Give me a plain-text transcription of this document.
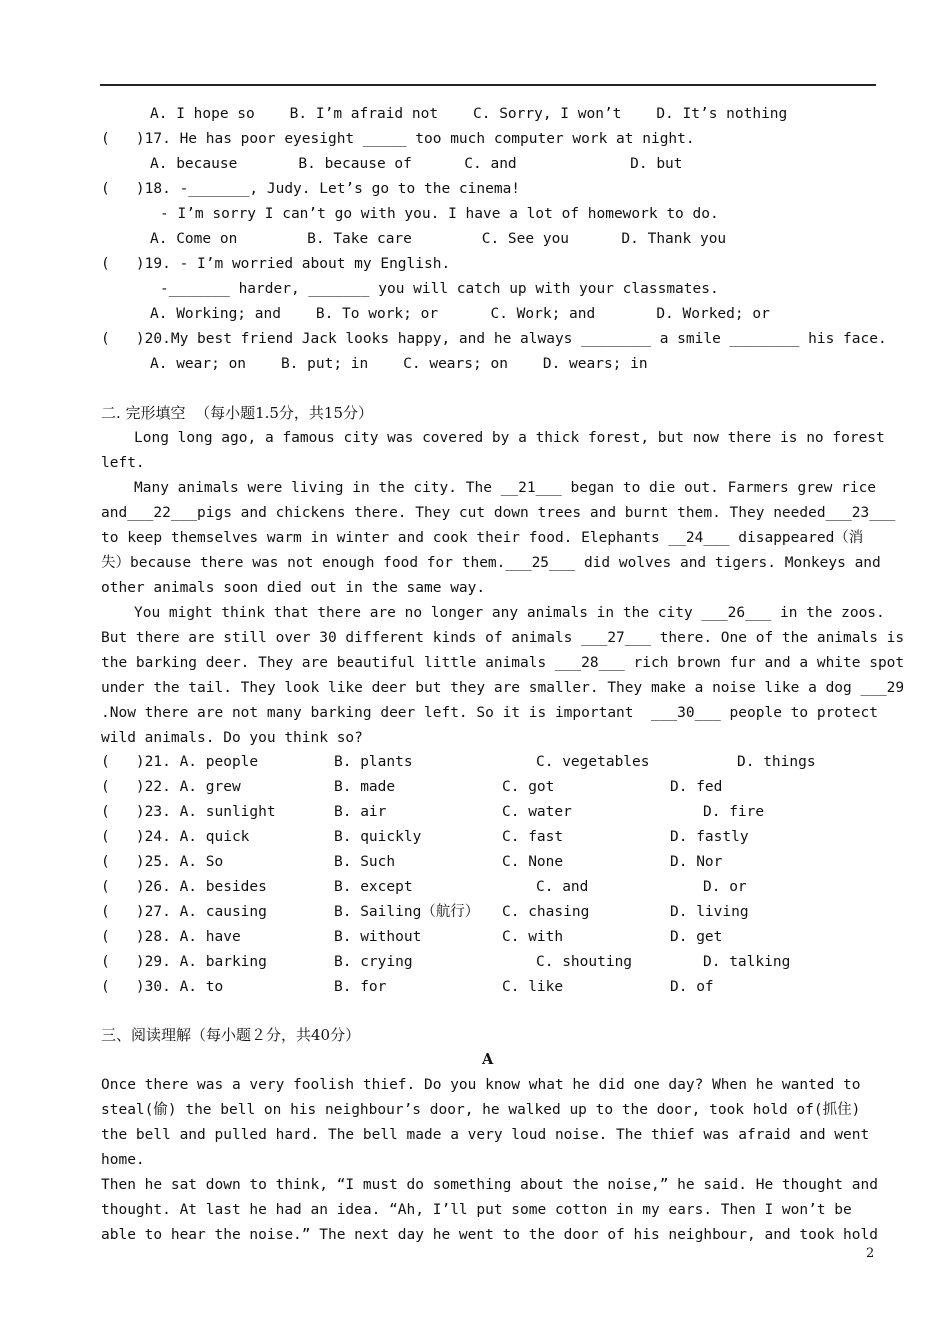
A. I hope so    B. I’m afraid not    C. Sorry, I won’t    D. It’s nothing
(   )17. He has poor eyesight _____ too much computer work at night.
A. because       B. because of      C. and             D. but
(   )18. -_______, Judy. Let’s go to the cinema!
- I’m sorry I can’t go with you. I have a lot of homework to do.
A. Come on        B. Take care        C. See you      D. Thank you
(   )19. - I’m worried about my English.
-_______ harder, _______ you will catch up with your classmates.
A. Working; and    B. To work; or      C. Work; and       D. Worked; or
(   )20.My best friend Jack looks happy, and he always ________ a smile ________ his face.
A. wear; on    B. put; in    C. wears; on    D. wears; in
二. 完形填空  （每小题1.5分，共15分）
Long long ago, a famous city was covered by a thick forest, but now there is no forest
left.
Many animals were living in the city. The __21___ began to die out. Farmers grew rice
and___22___pigs and chickens there. They cut down trees and burnt them. They needed___23___
to keep themselves warm in winter and cook their food. Elephants __24___ disappeared（消
失）because there was not enough food for them.___25___ did wolves and tigers. Monkeys and
other animals soon died out in the same way.
You might think that there are no longer any animals in the city ___26___ in the zoos.
But there are still over 30 different kinds of animals ___27___ there. One of the animals is
the barking deer. They are beautiful little animals ___28___ rich brown fur and a white spot
under the tail. They look like deer but they are smaller. They make a noise like a dog ___29
.Now there are not many barking deer left. So it is important  ___30___ people to protect
wild animals. Do you think so?
(   )21. A. people	B. plants	C. vegetables	D. things
(   )22. A. grew	B. made	C. got	D. fed
(   )23. A. sunlight	B. air	C. water	D. fire
(   )24. A. quick	B. quickly	C. fast	D. fastly
(   )25. A. So	B. Such	C. None	D. Nor
(   )26. A. besides	B. except	C. and	D. or
(   )27. A. causing	B. Sailing（航行） C. chasing	D. living
(   )28. A. have	B. without	C. with	D. get
(   )29. A. barking	B. crying	C. shouting	D. talking
(   )30. A. to	B. for	C. like	D. of
三、阅读理解（每小题２分，共40分）
A
Once there was a very foolish thief. Do you know what he did one day? When he wanted to
steal(偷) the bell on his neighbour’s door, he walked up to the door, took hold of(抓住)
the bell and pulled hard. The bell made a very loud noise. The thief was afraid and went
home.
Then he sat down to think, “I must do something about the noise,” he said. He thought and
thought. At last he had an idea. “Ah, I’ll put some cotton in my ears. Then I won’t be
able to hear the noise.” The next day he went to the door of his neighbour, and took hold
2
